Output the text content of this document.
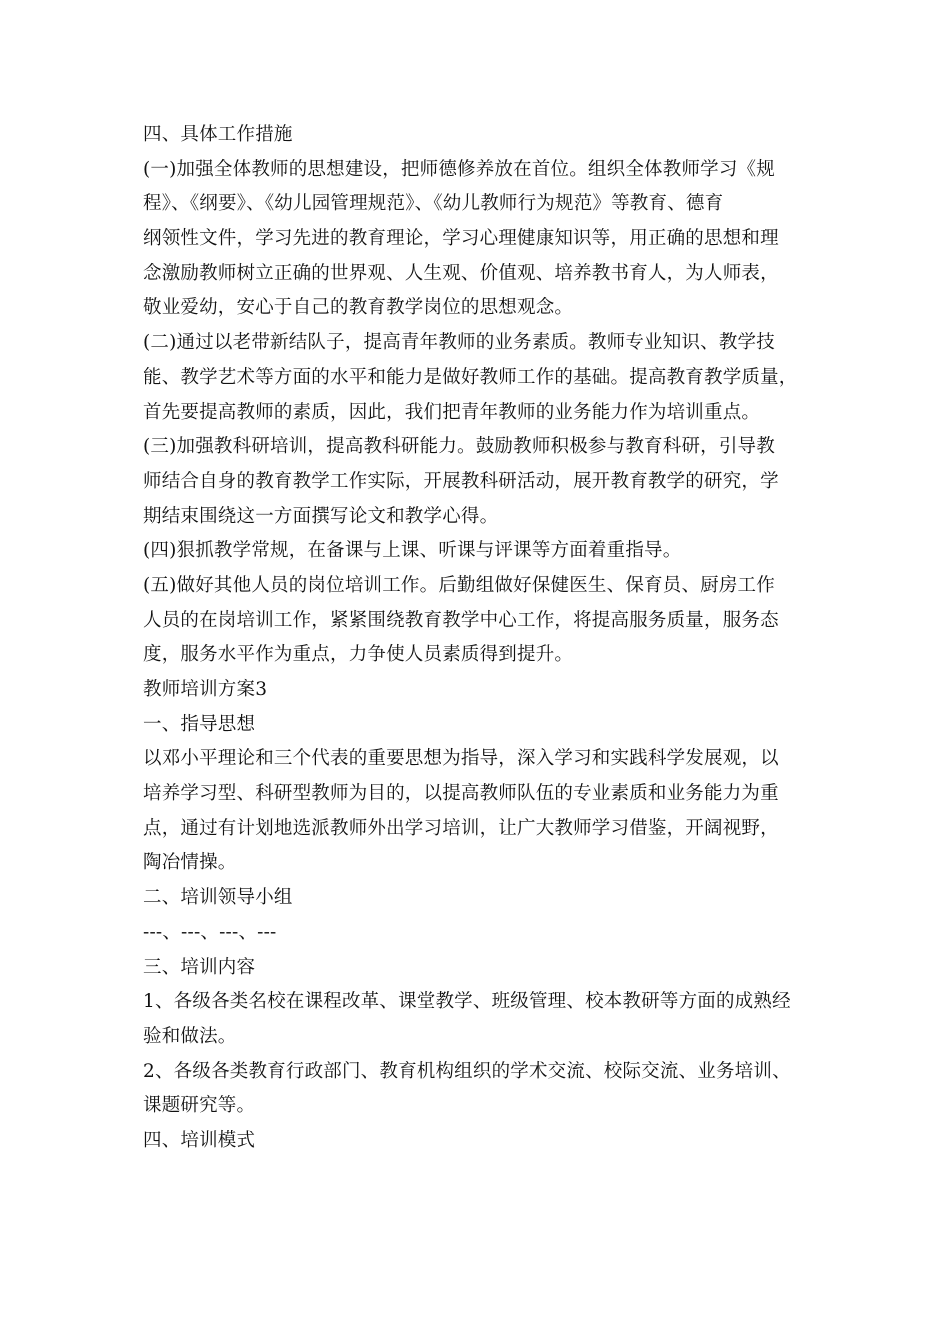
四、具体工作措施
(一)加强全体教师的思想建设，把师德修养放在首位。组织全体教师学习《规
程》、《纲要》、《幼儿园管理规范》、《幼儿教师行为规范》等教育、德育
纲领性文件，学习先进的教育理论，学习心理健康知识等，用正确的思想和理
念激励教师树立正确的世界观、人生观、价值观、培养教书育人，为人师表，
敬业爱幼，安心于自己的教育教学岗位的思想观念。
(二)通过以老带新结队子，提高青年教师的业务素质。教师专业知识、教学技
能、教学艺术等方面的水平和能力是做好教师工作的基础。提高教育教学质量，
首先要提高教师的素质，因此，我们把青年教师的业务能力作为培训重点。
(三)加强教科研培训，提高教科研能力。鼓励教师积极参与教育科研，引导教
师结合自身的教育教学工作实际，开展教科研活动，展开教育教学的研究，学
期结束围绕这一方面撰写论文和教学心得。
(四)狠抓教学常规，在备课与上课、听课与评课等方面着重指导。
(五)做好其他人员的岗位培训工作。后勤组做好保健医生、保育员、厨房工作
人员的在岗培训工作，紧紧围绕教育教学中心工作，将提高服务质量，服务态
度，服务水平作为重点，力争使人员素质得到提升。
教师培训方案3
一、指导思想
以邓小平理论和三个代表的重要思想为指导，深入学习和实践科学发展观，以
培养学习型、科研型教师为目的，以提高教师队伍的专业素质和业务能力为重
点，通过有计划地选派教师外出学习培训，让广大教师学习借鉴，开阔视野，
陶冶情操。
二、培训领导小组
---、---、---、---
三、培训内容
1、各级各类名校在课程改革、课堂教学、班级管理、校本教研等方面的成熟经
验和做法。
2、各级各类教育行政部门、教育机构组织的学术交流、校际交流、业务培训、
课题研究等。
四、培训模式
